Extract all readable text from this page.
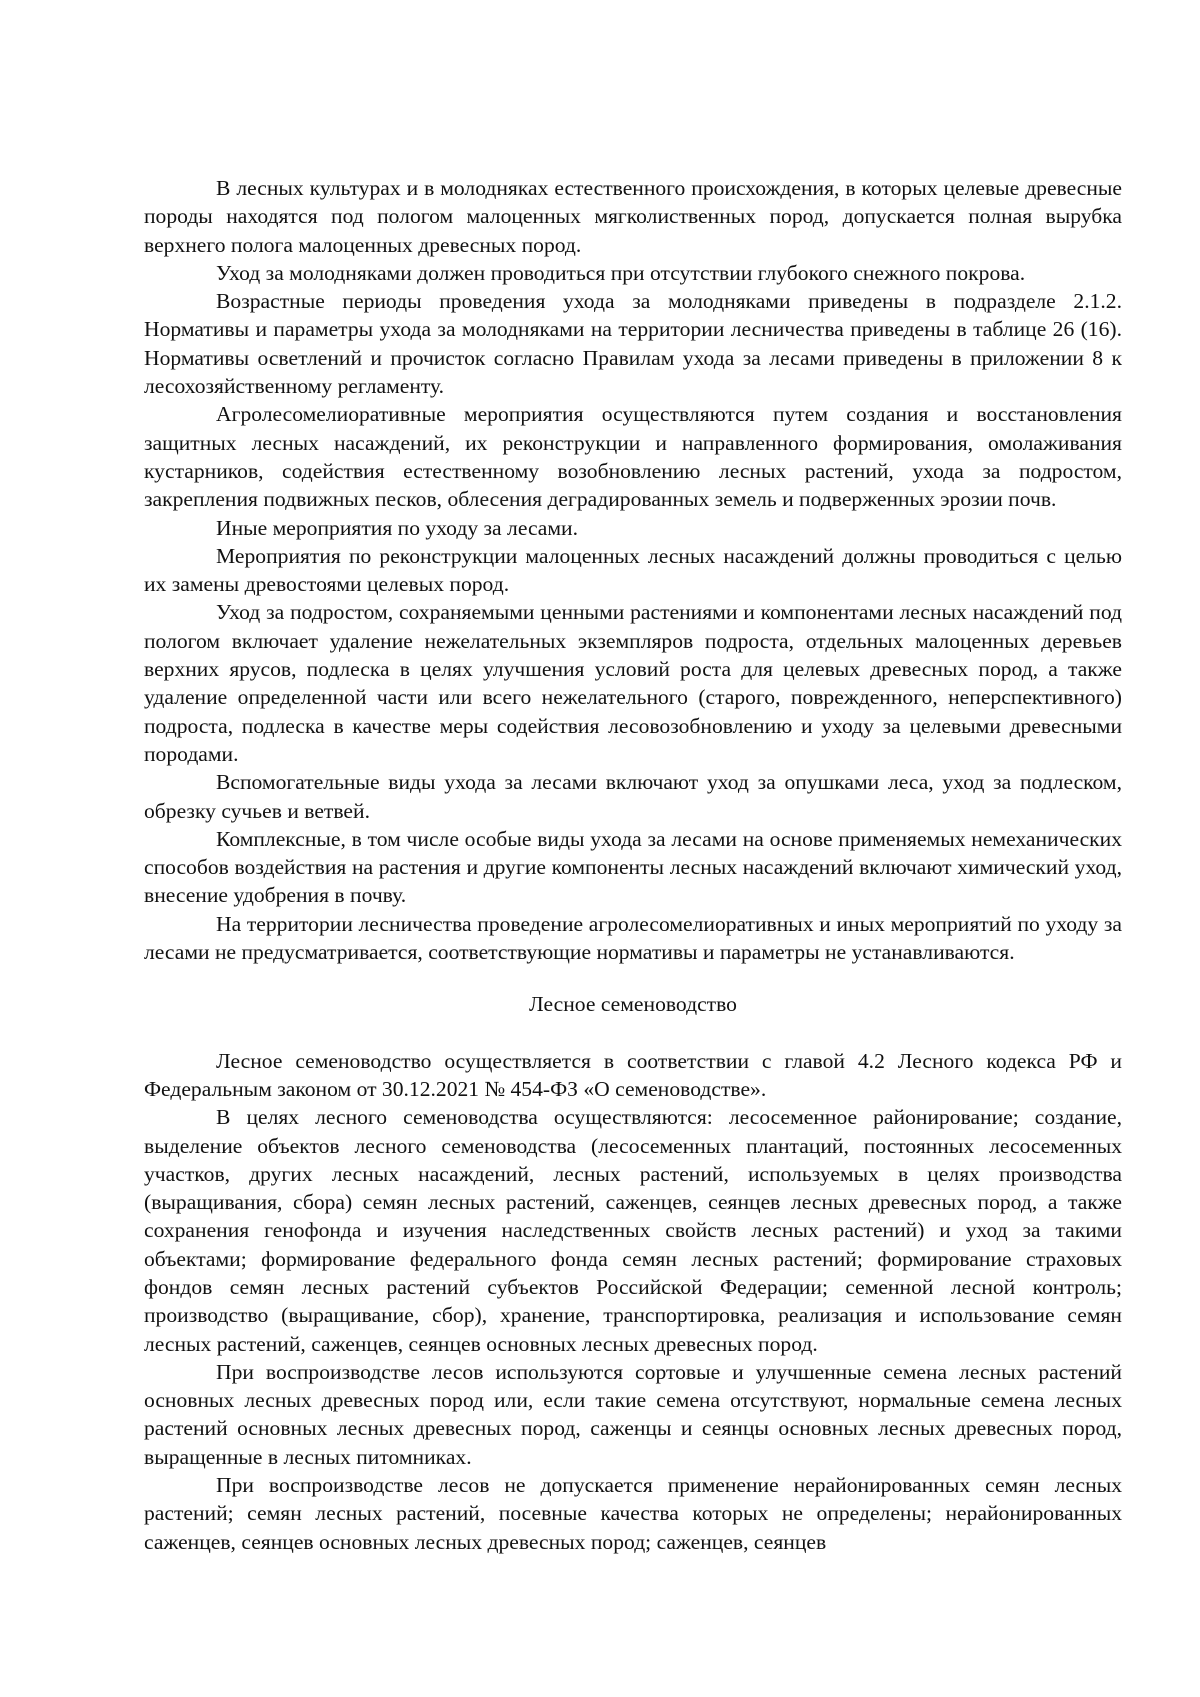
В лесных культурах и в молодняках естественного происхождения, в которых целевые древесные породы находятся под пологом малоценных мягколиственных пород, допускается полная вырубка верхнего полога малоценных древесных пород.

Уход за молодняками должен проводиться при отсутствии глубокого снежного покрова.

Возрастные периоды проведения ухода за молодняками приведены в подразделе 2.1.2. Нормативы и параметры ухода за молодняками на территории лесничества приведены в таблице 26 (16). Нормативы осветлений и прочисток согласно Правилам ухода за лесами приведены в приложении 8 к лесохозяйственному регламенту.

Агролесомелиоративные мероприятия осуществляются путем создания и восстановления защитных лесных насаждений, их реконструкции и направленного формирования, омолаживания кустарников, содействия естественному возобновлению лесных растений, ухода за подростом, закрепления подвижных песков, облесения деградированных земель и подверженных эрозии почв.

Иные мероприятия по уходу за лесами.

Мероприятия по реконструкции малоценных лесных насаждений должны проводиться с целью их замены древостоями целевых пород.

Уход за подростом, сохраняемыми ценными растениями и компонентами лесных насаждений под пологом включает удаление нежелательных экземпляров подроста, отдельных малоценных деревьев верхних ярусов, подлеска в целях улучшения условий роста для целевых древесных пород, а также удаление определенной части или всего нежелательного (старого, поврежденного, неперспективного) подроста, подлеска в качестве меры содействия лесовозобновлению и уходу за целевыми древесными породами.

Вспомогательные виды ухода за лесами включают уход за опушками леса, уход за подлеском, обрезку сучьев и ветвей.

Комплексные, в том числе особые виды ухода за лесами на основе применяемых немеханических способов воздействия на растения и другие компоненты лесных насаждений включают химический уход, внесение удобрения в почву.

На территории лесничества проведение агролесомелиоративных и иных мероприятий по уходу за лесами не предусматривается, соответствующие нормативы и параметры не устанавливаются.

Лесное семеноводство

Лесное семеноводство осуществляется в соответствии с главой 4.2 Лесного кодекса РФ и Федеральным законом от 30.12.2021 № 454-ФЗ «О семеноводстве».

В целях лесного семеноводства осуществляются: лесосеменное районирование; создание, выделение объектов лесного семеноводства (лесосеменных плантаций, постоянных лесосеменных участков, других лесных насаждений, лесных растений, используемых в целях производства (выращивания, сбора) семян лесных растений, саженцев, сеянцев лесных древесных пород, а также сохранения генофонда и изучения наследственных свойств лесных растений) и уход за такими объектами; формирование федерального фонда семян лесных растений; формирование страховых фондов семян лесных растений субъектов Российской Федерации; семенной лесной контроль; производство (выращивание, сбор), хранение, транспортировка, реализация и использование семян лесных растений, саженцев, сеянцев основных лесных древесных пород.

При воспроизводстве лесов используются сортовые и улучшенные семена лесных растений основных лесных древесных пород или, если такие семена отсутствуют, нормальные семена лесных растений основных лесных древесных пород, саженцы и сеянцы основных лесных древесных пород, выращенные в лесных питомниках.

При воспроизводстве лесов не допускается применение нерайонированных семян лесных растений; семян лесных растений, посевные качества которых не определены; нерайонированных саженцев, сеянцев основных лесных древесных пород; саженцев, сеянцев
